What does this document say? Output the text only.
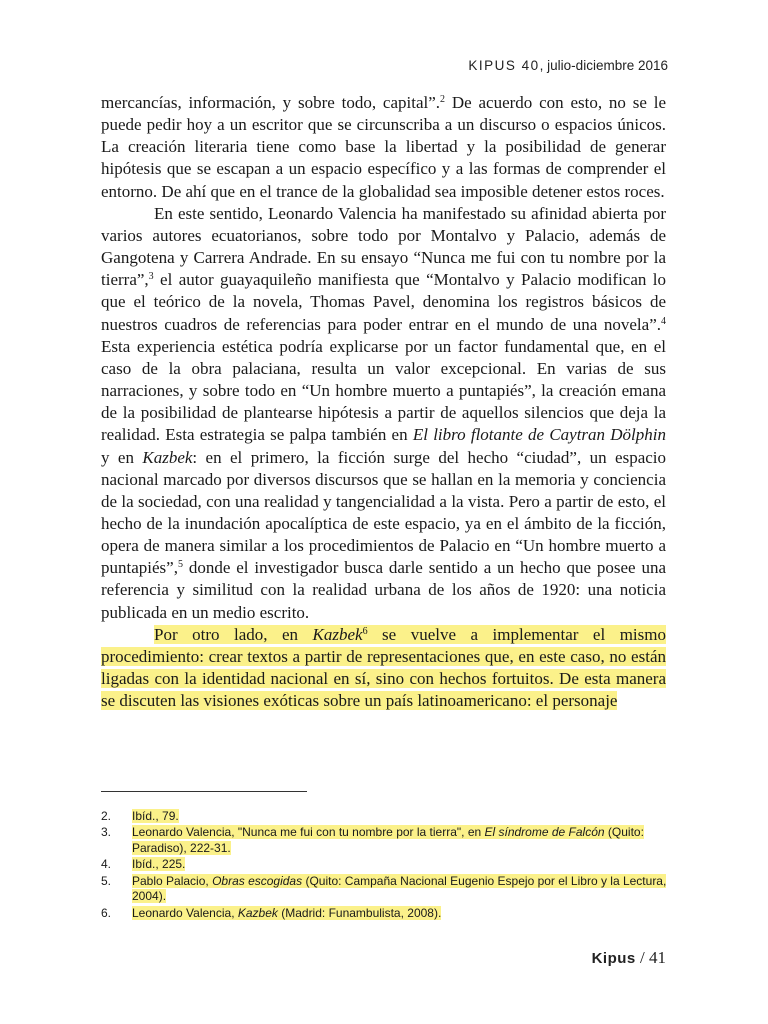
KIPUS 40, julio-diciembre 2016

mercancías, información, y sobre todo, capital”.$^2$ De acuerdo con esto, no se le puede pedir hoy a un escritor que se circunscriba a un discurso o espacios únicos. La creación literaria tiene como base la libertad y la posibilidad de generar hipótesis que se escapan a un espacio específico y a las formas de comprender el entorno. De ahí que en el trance de la globalidad sea imposible detener estos roces.

En este sentido, Leonardo Valencia ha manifestado su afinidad abierta por varios autores ecuatorianos, sobre todo por Montalvo y Palacio, además de Gangotena y Carrera Andrade. En su ensayo “Nunca me fui con tu nombre por la tierra”,$^3$ el autor guayaquileño manifiesta que “Montalvo y Palacio modifican lo que el teórico de la novela, Thomas Pavel, denomina los registros básicos de nuestros cuadros de referencias para poder entrar en el mundo de una novela”.$^4$ Esta experiencia estética podría explicarse por un factor fundamental que, en el caso de la obra palaciana, resulta un valor excepcional. En varias de sus narraciones, y sobre todo en “Un hombre muerto a puntapiés”, la creación emana de la posibilidad de plantearse hipótesis a partir de aquellos silencios que deja la realidad. Esta estrategia se palpa también en El libro flotante de Caytran Dölphin y en Kazbek: en el primero, la ficción surge del hecho “ciudad”, un espacio nacional marcado por diversos discursos que se hallan en la memoria y conciencia de la sociedad, con una realidad y tangencialidad a la vista. Pero a partir de esto, el hecho de la inundación apocalíptica de este espacio, ya en el ámbito de la ficción, opera de manera similar a los procedimientos de Palacio en “Un hombre muerto a puntapiés”,$^5$ donde el investigador busca darle sentido a un hecho que posee una referencia y similitud con la realidad urbana de los años de 1920: una noticia publicada en un medio escrito.

Por otro lado, en Kazbek$^6$ se vuelve a implementar el mismo procedimiento: crear textos a partir de representaciones que, en este caso, no están ligadas con la identidad nacional en sí, sino con hechos fortuitos. De esta manera se discuten las visiones exóticas sobre un país latinoamericano: el personaje

2.	Ibíd., 79.
3.	Leonardo Valencia, "Nunca me fui con tu nombre por la tierra", en El síndrome de Falcón (Quito: Paradiso), 222-31.
4.	Ibíd., 225.
5.	Pablo Palacio, Obras escogidas (Quito: Campaña Nacional Eugenio Espejo por el Libro y la Lectura, 2004).
6.	Leonardo Valencia, Kazbek (Madrid: Funambulista, 2008).
Kipus / 41
